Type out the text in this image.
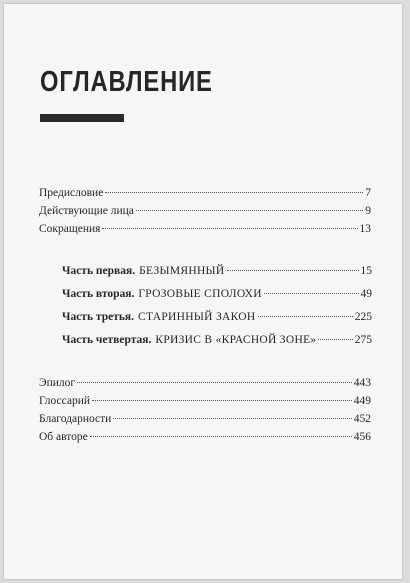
ОГЛАВЛЕНИЕ
Предисловие	7
Действующие лица	9
Сокращения	13
Часть первая. БЕЗЫМЯННЫЙ	15
Часть вторая. ГРОЗОВЫЕ СПОЛОХИ	49
Часть третья. СТАРИННЫЙ ЗАКОН	225
Часть четвертая. КРИЗИС В «КРАСНОЙ ЗОНЕ»	275
Эпилог	443
Глоссарий	449
Благодарности	452
Об авторе	456
